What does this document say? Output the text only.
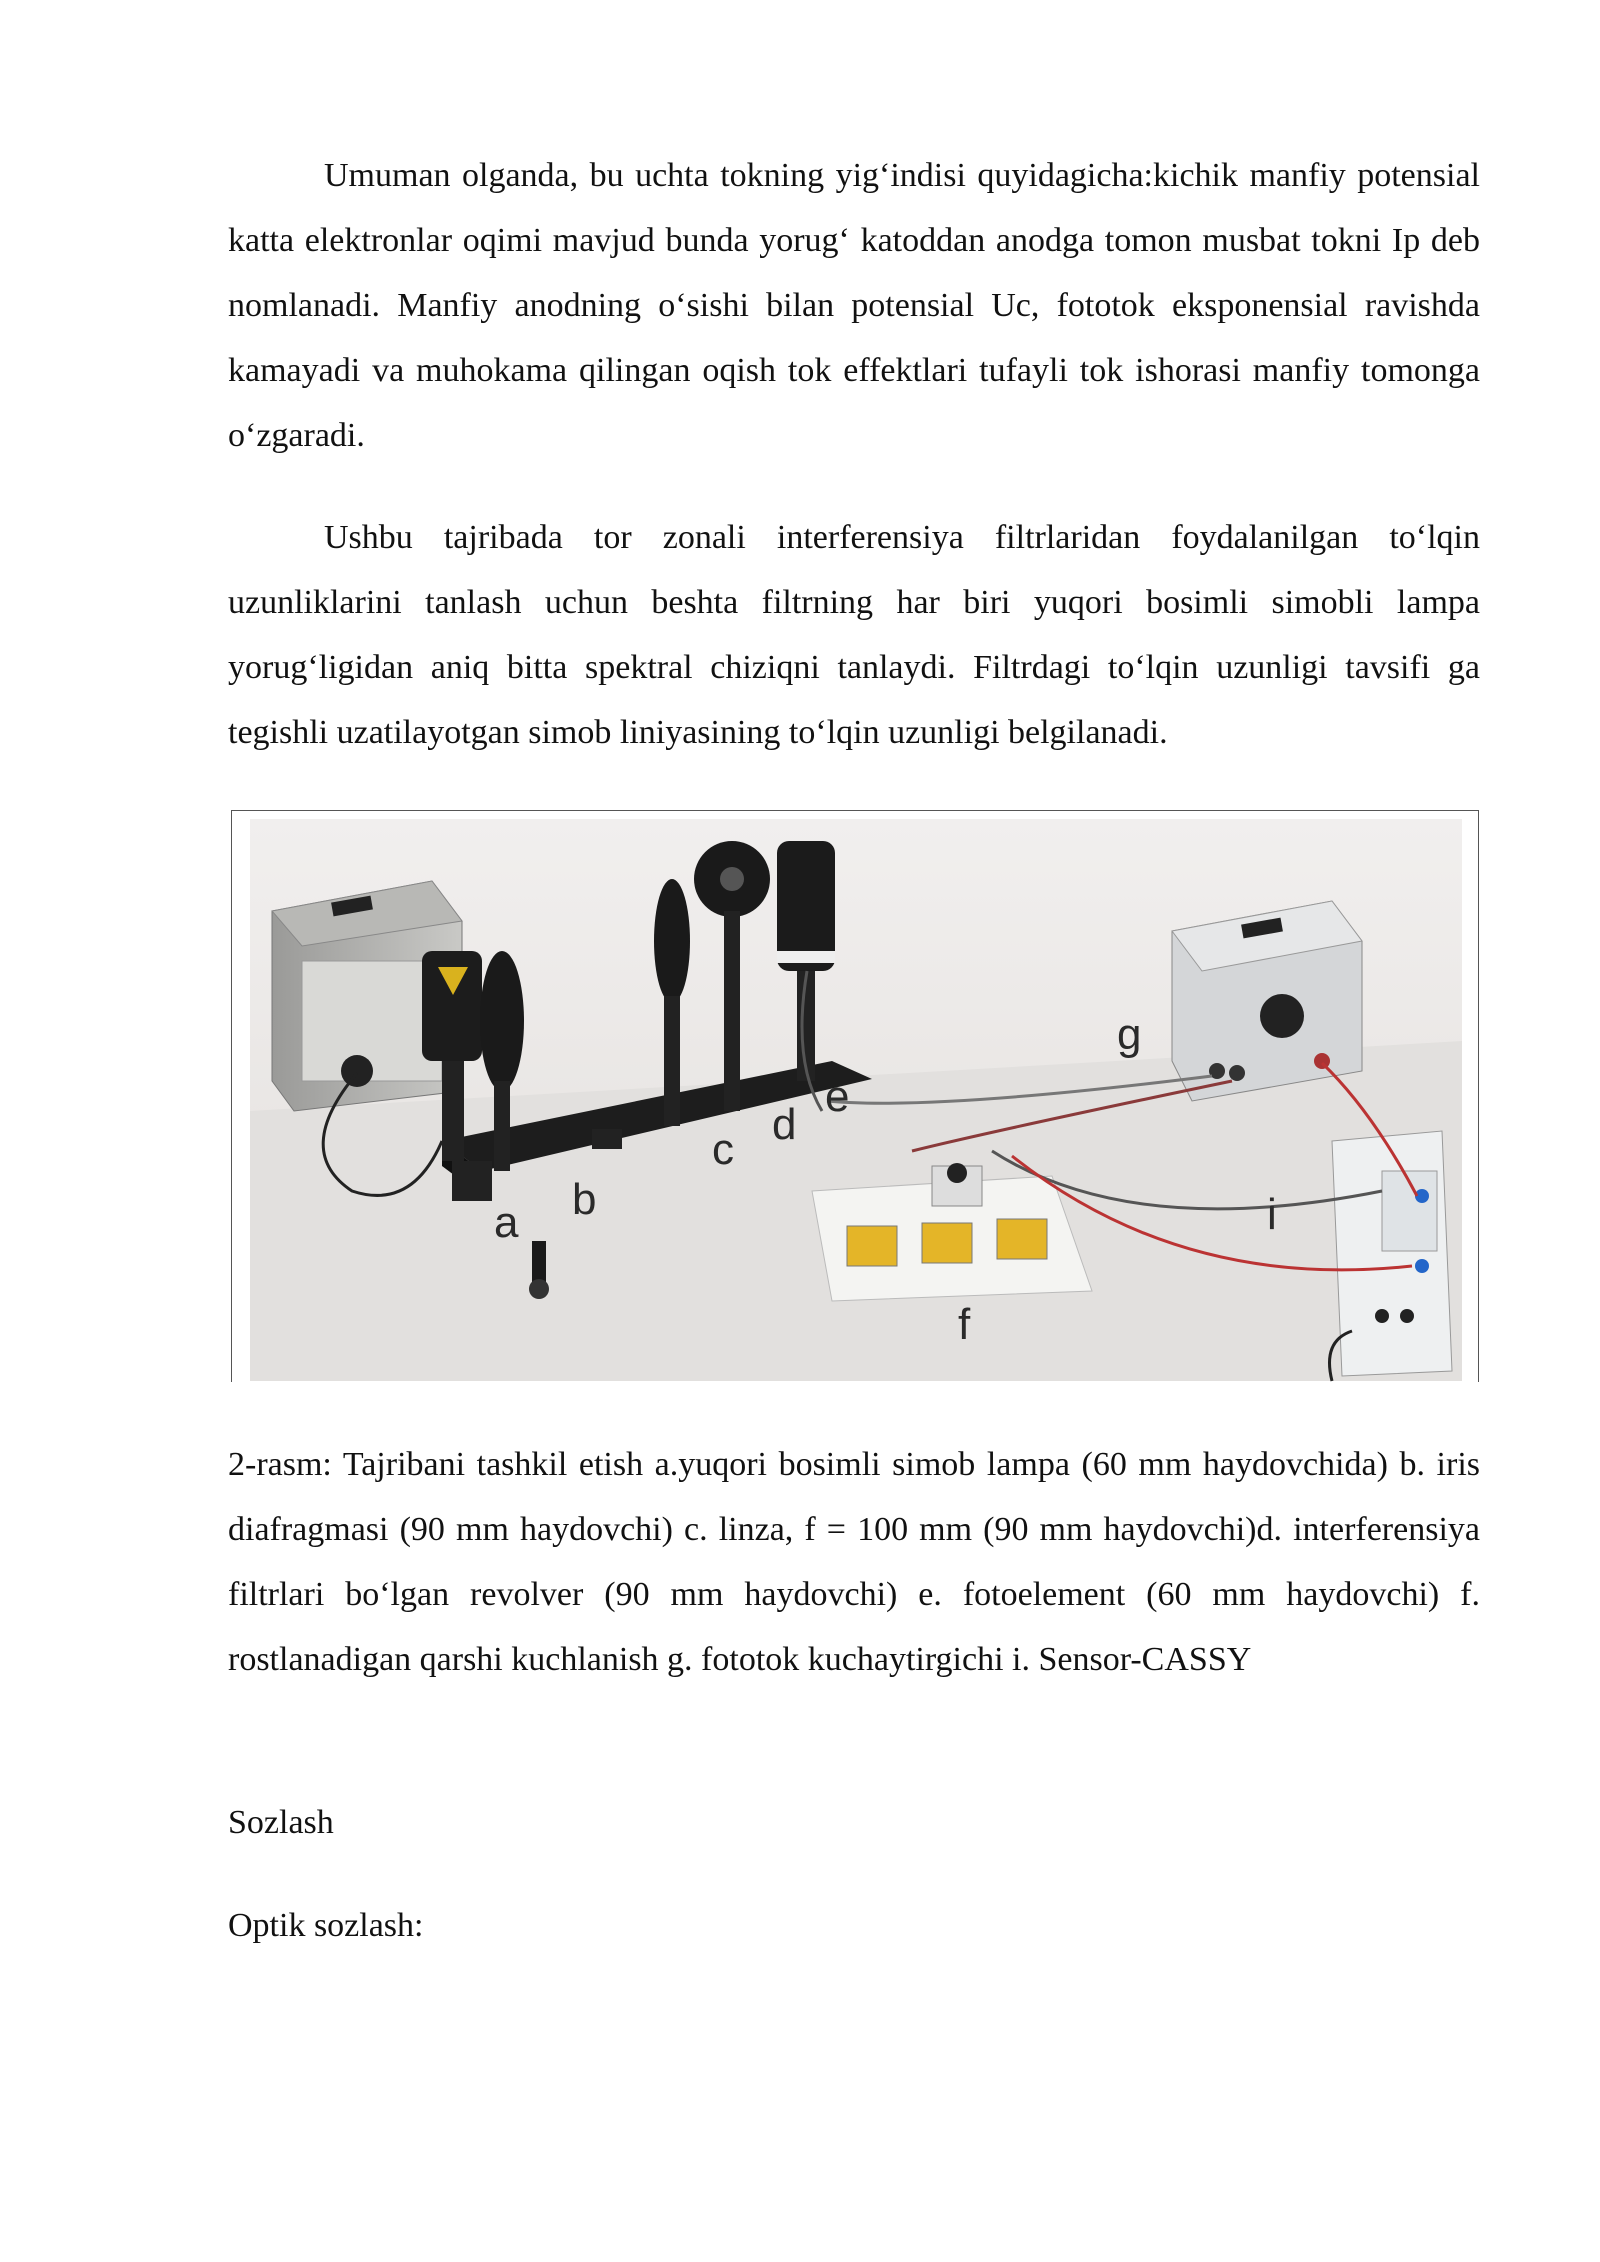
Umuman olganda, bu uchta tokning yig‘indisi quyidagicha:kichik manfiy potensial katta elektronlar oqimi mavjud bunda yorug‘ katoddan anodga tomon musbat tokni Ip deb nomlanadi. Manfiy anodning o‘sishi bilan potensial Uc, fototok eksponensial ravishda kamayadi va muhokama qilingan oqish tok effektlari tufayli tok ishorasi manfiy tomonga o‘zgaradi.

Ushbu tajribada tor zonali interferensiya filtrlaridan foydalanilgan to‘lqin uzunliklarini tanlash uchun beshta filtrning har biri yuqori bosimli simobli lampa yorug‘ligidan aniq bitta spektral chiziqni tanlaydi. Filtrdagi to‘lqin uzunligi tavsifi ga tegishli uzatilayotgan simob liniyasining to‘lqin uzunligi belgilanadi.

a b
c
d
e
f
g
i

2-rasm: Tajribani tashkil etish a.yuqori bosimli simob lampa (60 mm haydovchida) b. iris diafragmasi (90 mm haydovchi) c. linza, f = 100 mm (90 mm haydovchi)d. interferensiya filtrlari bo‘lgan revolver (90 mm haydovchi) e. fotoelement (60 mm haydovchi) f. rostlanadigan qarshi kuchlanish g. fototok kuchaytirgichi i. Sensor-CASSY

Sozlash

Optik sozlash:
